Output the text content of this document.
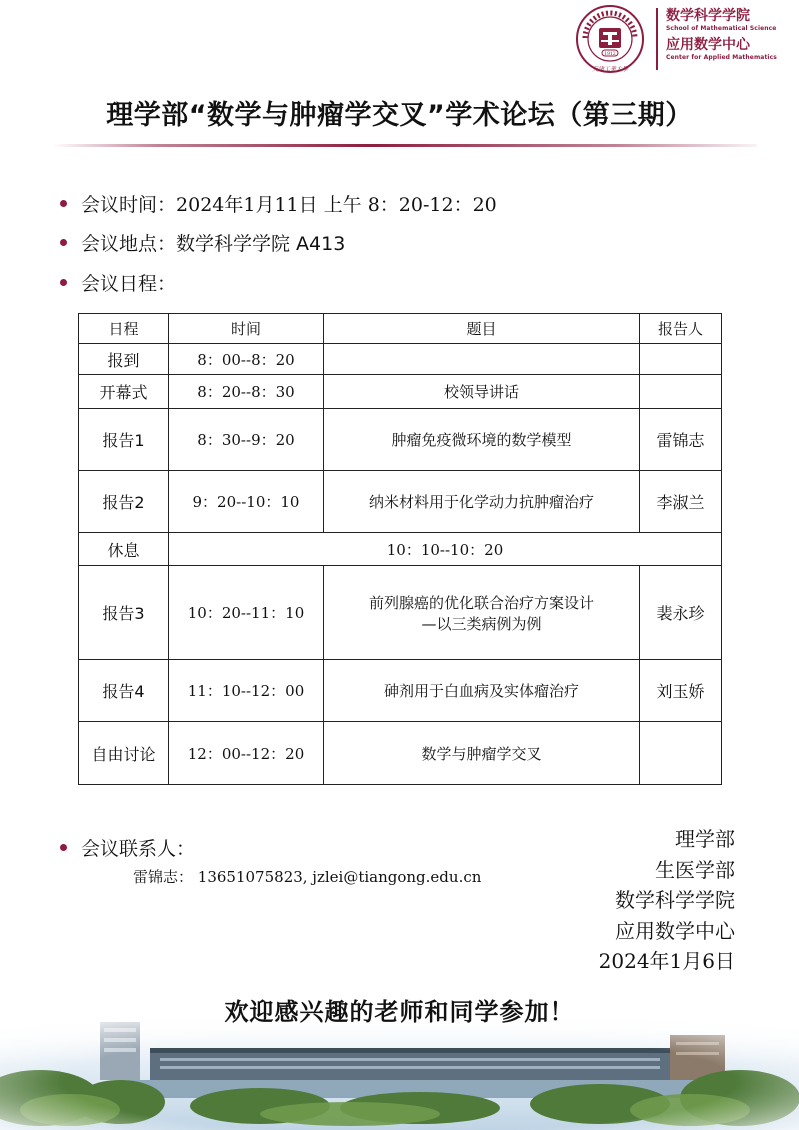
1912
天津工業大學
数学科学学院
School of Mathematical Science
应用数学中心
Center for Applied Mathematics
理学部“数学与肿瘤学交叉”学术论坛（第三期）
会议时间： 2024年1月11日 上午 8：20-12：20
会议地点： 数学科学学院 A413
会议日程：
日程	时间	题目	报告人
报到	8：00--8：20		
开幕式	8：20--8：30	校领导讲话	
报告1	8：30--9：20	肿瘤免疫微环境的数学模型	雷锦志
报告2	9：20--10：10	纳米材料用于化学动力抗肿瘤治疗	李淑兰
休息	10：10--10：20		
报告3	10：20--11：10	前列腺癌的优化联合治疗方案设计
—以三类病例为例	裴永珍
报告4	11：10--12：00	砷剂用于白血病及实体瘤治疗	刘玉娇
自由讨论	12：00--12：20	数学与肿瘤学交叉	
会议联系人：
雷锦志： 13651075823, jzlei@tiangong.edu.cn
理学部
生医学部
数学科学学院
应用数学中心
2024年1月6日
欢迎感兴趣的老师和同学参加！
